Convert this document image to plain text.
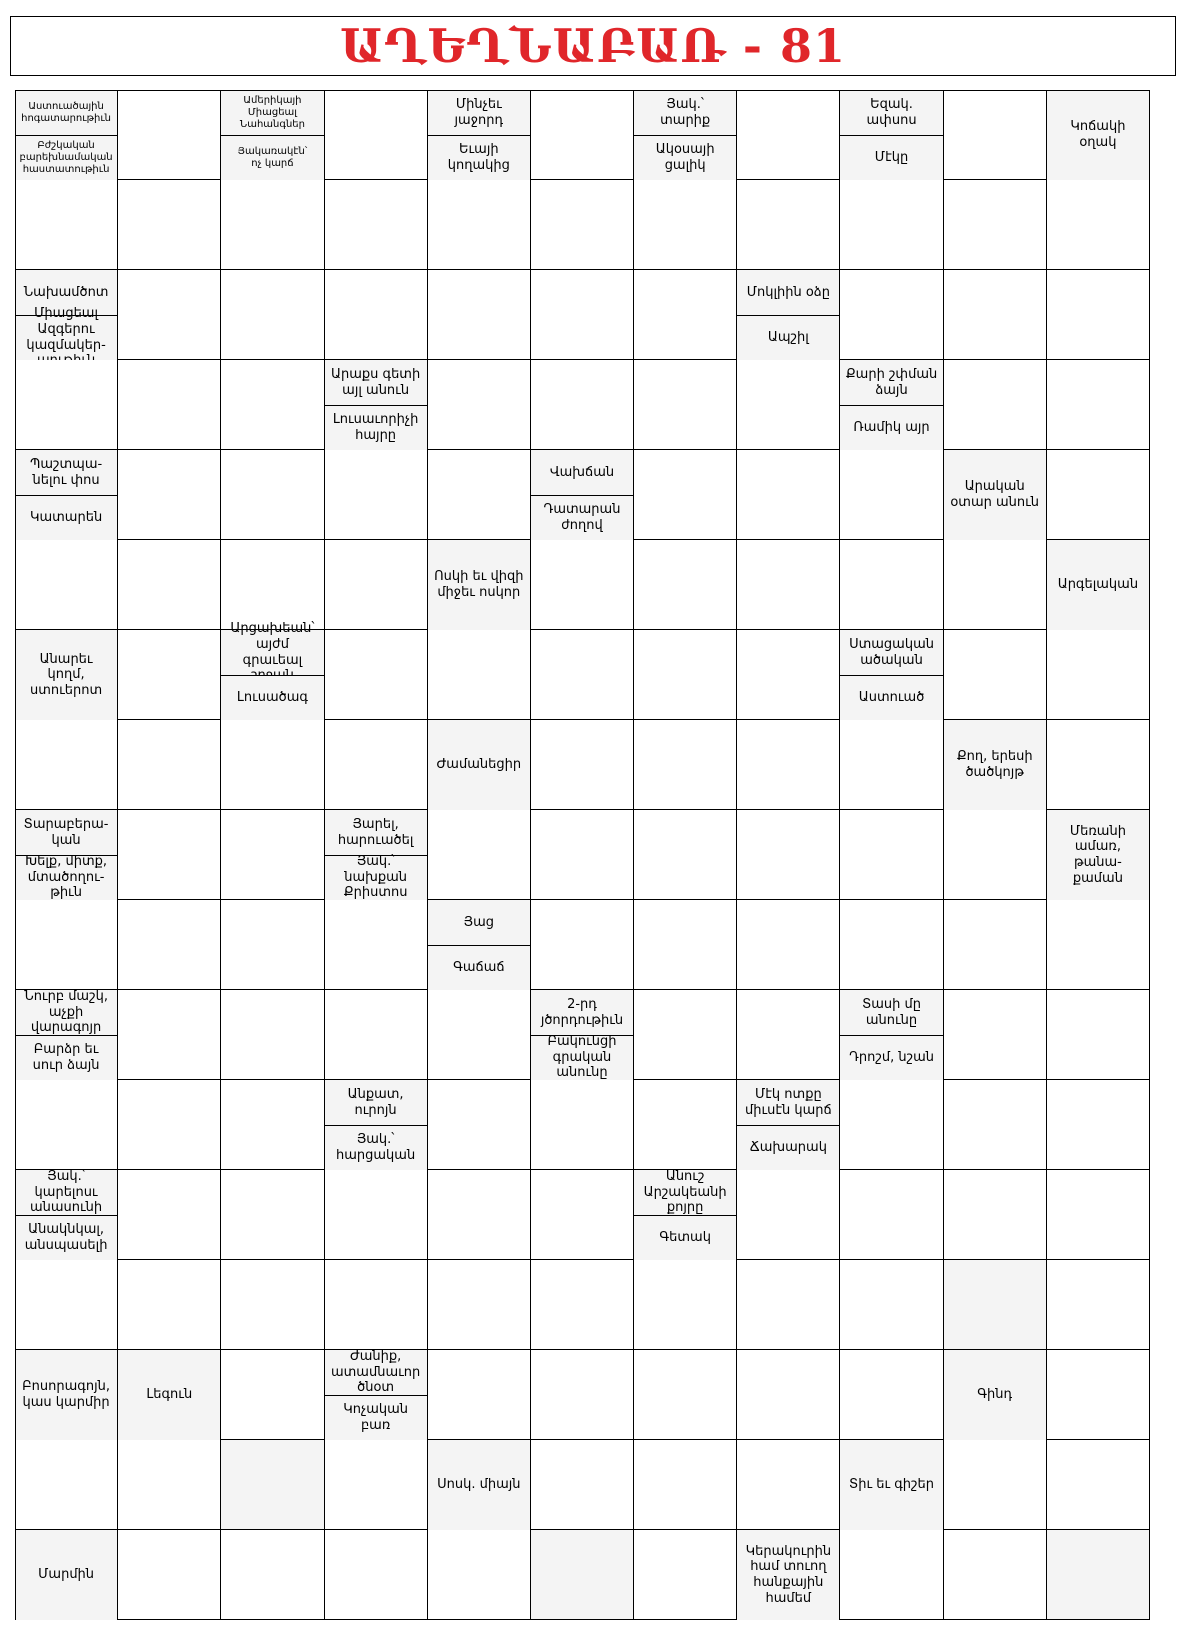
ԱՂԵՂՆԱԲԱՌ - 81
Աստուածային
հոգատարութիւն
Բժշկական
բարեխնամական
հաստատութիւն
Ամերիկայի
Միացեալ
Նահանգներ
Յակառակէն՝
ոչ կարճ
Մինչեւ
յաջորդ
Եւայի
կողակից
Յակ.՝
տարիք
Ակօսայի
ցալիկ
Եզակ.
ափսոս
Մէկը
Կոճակի
օղակ
Նախամծոտ

Ազգերու
կազմակեր-

Մոկլիին օձը
Ապշիլ
Արաքս գետի
այլ անուն
Լուսաւորիչի
հայրը
Քարի շփման
ձայն
Ռամիկ այր
Պաշտպա-
նելու փոս
Կատարեն
Վախճան
Դատարան
ժողով
Արական
օտար անուն
Ոսկի եւ վիզի
միջեւ ոսկոր
Արգելական
Անարեւ
կողմ,
ստուերոտ

այժմ
գրաւեալ

Լուսածագ
Ստացական
ածական
Աստուած
Ժամանեցիր
Քող, երեսի
ծածկոյթ
Տարաբերա-
կան
Խելք, միտք,
մտածողու-
թիւն
Յարել,
հարուածել
Յակ.՝
նախքան
Քրիստոս
Մեռանի
ամառ,
թանա-
քաման
Յաց
Գաճաճ
Նուրբ մաշկ,
աչքի
վարագոյր
Բարձր եւ
սուր ձայն
2-րդ
յծորդութիւն
Բակունցի
գրական
անունը
Տասի մը
անունը
Դրոշմ, նշան
Անքատ,
ուրոյն
Յակ.՝
հարցական
Մէկ ոտքը
միւսէն կարճ
Ճախարակ
Յակ.՝
կարելոսւ
անասունի
Անակնկալ,
անսպասելի
Անուշ
Արշակեանի
քոյրը
Գետակ
Բոսորագոյն,
կաս կարմիր
Լեգուն
Ժանիք,
ատամնաւոր
ծնօտ
Կոչական
բառ
Գինդ
Սոսկ. միայն	Տիւ եւ գիշեր
Մարմին
Կերակուրին
համ տուող
հանքային
համեմ
